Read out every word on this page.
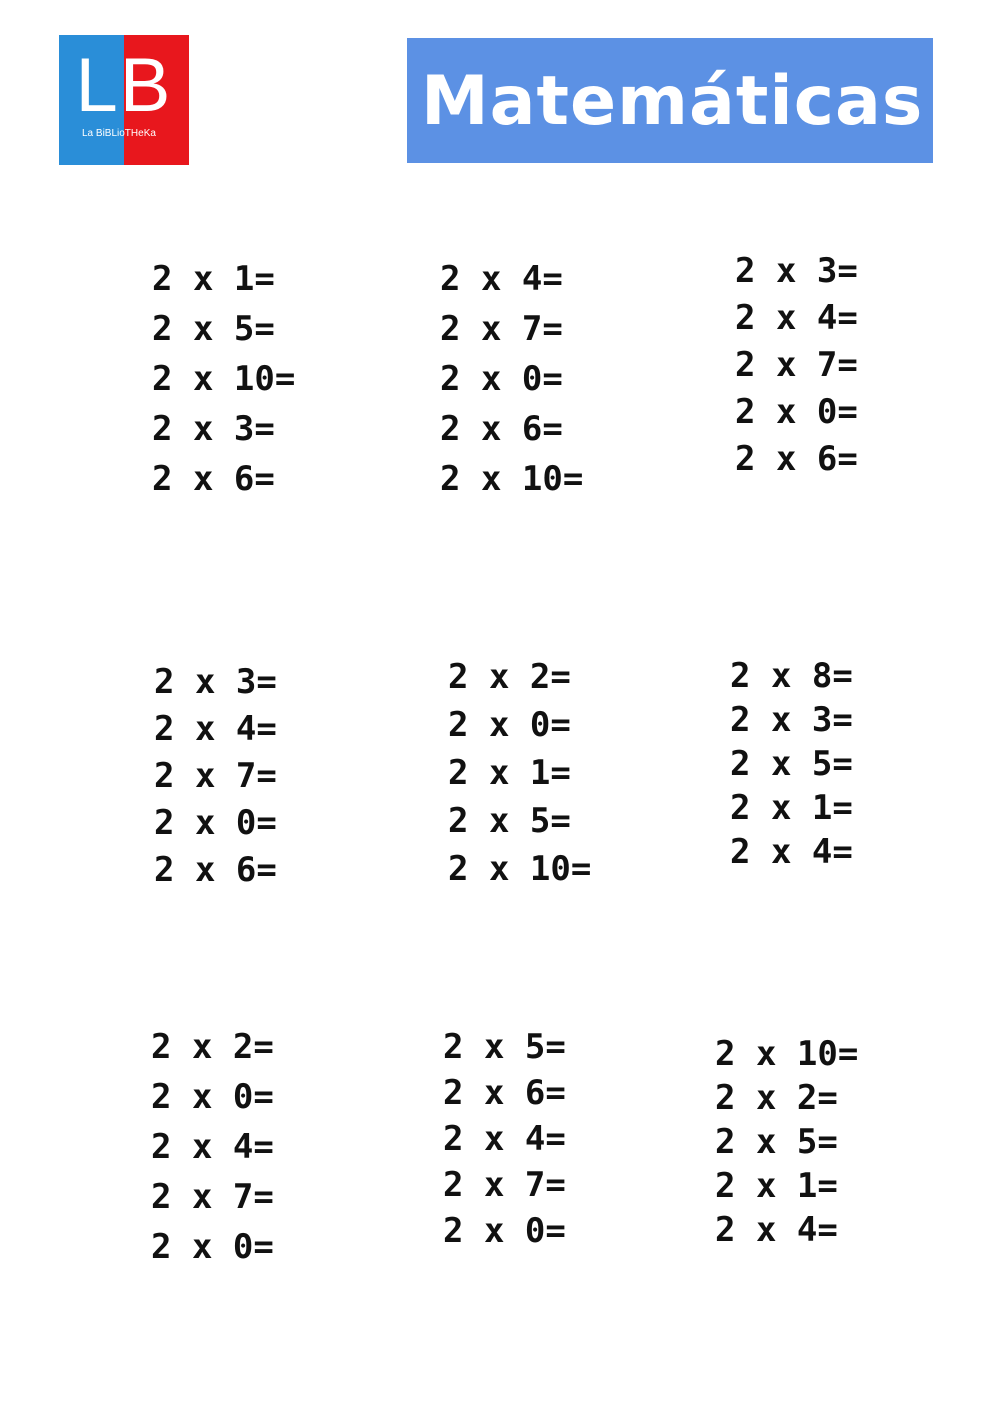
LB
La BiBLioTHeKa	Matemáticas
2 x 1=
2 x 5=
2 x 10=
2 x 3=
2 x 6=
2 x 4=
2 x 7=
2 x 0=
2 x 6=
2 x 10=
2 x 3=
2 x 4=
2 x 7=
2 x 0=
2 x 6=
2 x 3=
2 x 4=
2 x 7=
2 x 0=
2 x 6=
2 x 2=
2 x 0=
2 x 1=
2 x 5=
2 x 10=
2 x 8=
2 x 3=
2 x 5=
2 x 1=
2 x 4=
2 x 2=
2 x 0=
2 x 4=
2 x 7=
2 x 0=
2 x 5=
2 x 6=
2 x 4=
2 x 7=
2 x 0=
2 x 10=
2 x 2=
2 x 5=
2 x 1=
2 x 4=
